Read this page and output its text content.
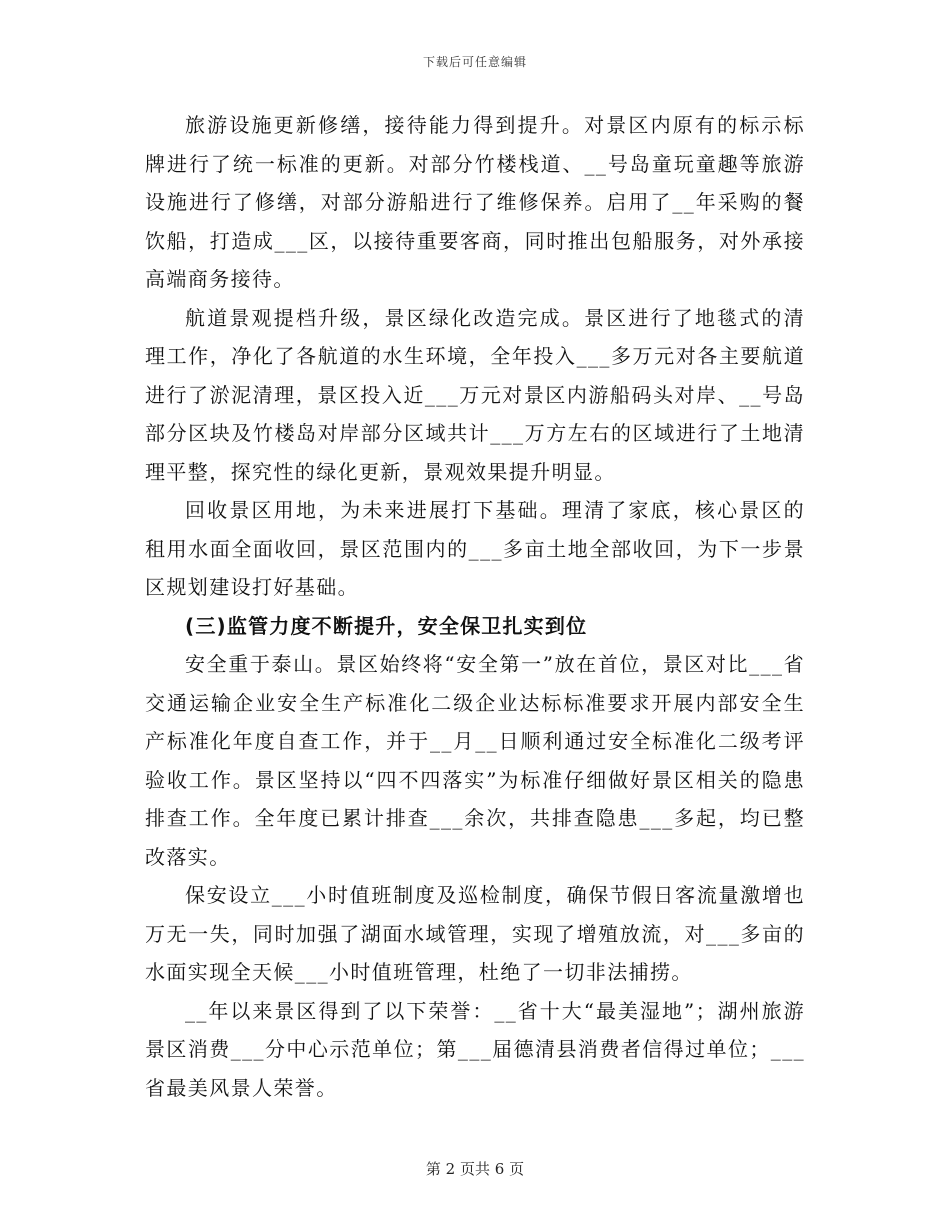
下载后可任意编辑

旅游设施更新修缮，接待能力得到提升。对景区内原有的标示标牌进行了统一标准的更新。对部分竹楼栈道、__号岛童玩童趣等旅游设施进行了修缮，对部分游船进行了维修保养。启用了__年采购的餐饮船，打造成___区，以接待重要客商，同时推出包船服务，对外承接高端商务接待。

航道景观提档升级，景区绿化改造完成。景区进行了地毯式的清理工作，净化了各航道的水生环境，全年投入___多万元对各主要航道进行了淤泥清理，景区投入近___万元对景区内游船码头对岸、__号岛部分区块及竹楼岛对岸部分区域共计___万方左右的区域进行了土地清理平整，探究性的绿化更新，景观效果提升明显。

回收景区用地，为未来进展打下基础。理清了家底，核心景区的租用水面全面收回，景区范围内的___多亩土地全部收回，为下一步景区规划建设打好基础。

(三)监管力度不断提升，安全保卫扎实到位

安全重于泰山。景区始终将“安全第一”放在首位，景区对比___省交通运输企业安全生产标准化二级企业达标标准要求开展内部安全生产标准化年度自查工作，并于__月__日顺利通过安全标准化二级考评验收工作。景区坚持以“四不四落实”为标准仔细做好景区相关的隐患排查工作。全年度已累计排查___余次，共排查隐患___多起，均已整改落实。

保安设立___小时值班制度及巡检制度，确保节假日客流量激增也万无一失，同时加强了湖面水域管理，实现了增殖放流，对___多亩的水面实现全天候___小时值班管理，杜绝了一切非法捕捞。

__年以来景区得到了以下荣誉：__省十大“最美湿地”；湖州旅游景区消费___分中心示范单位；第___届德清县消费者信得过单位；___省最美风景人荣誉。

第 2 页共 6 页
